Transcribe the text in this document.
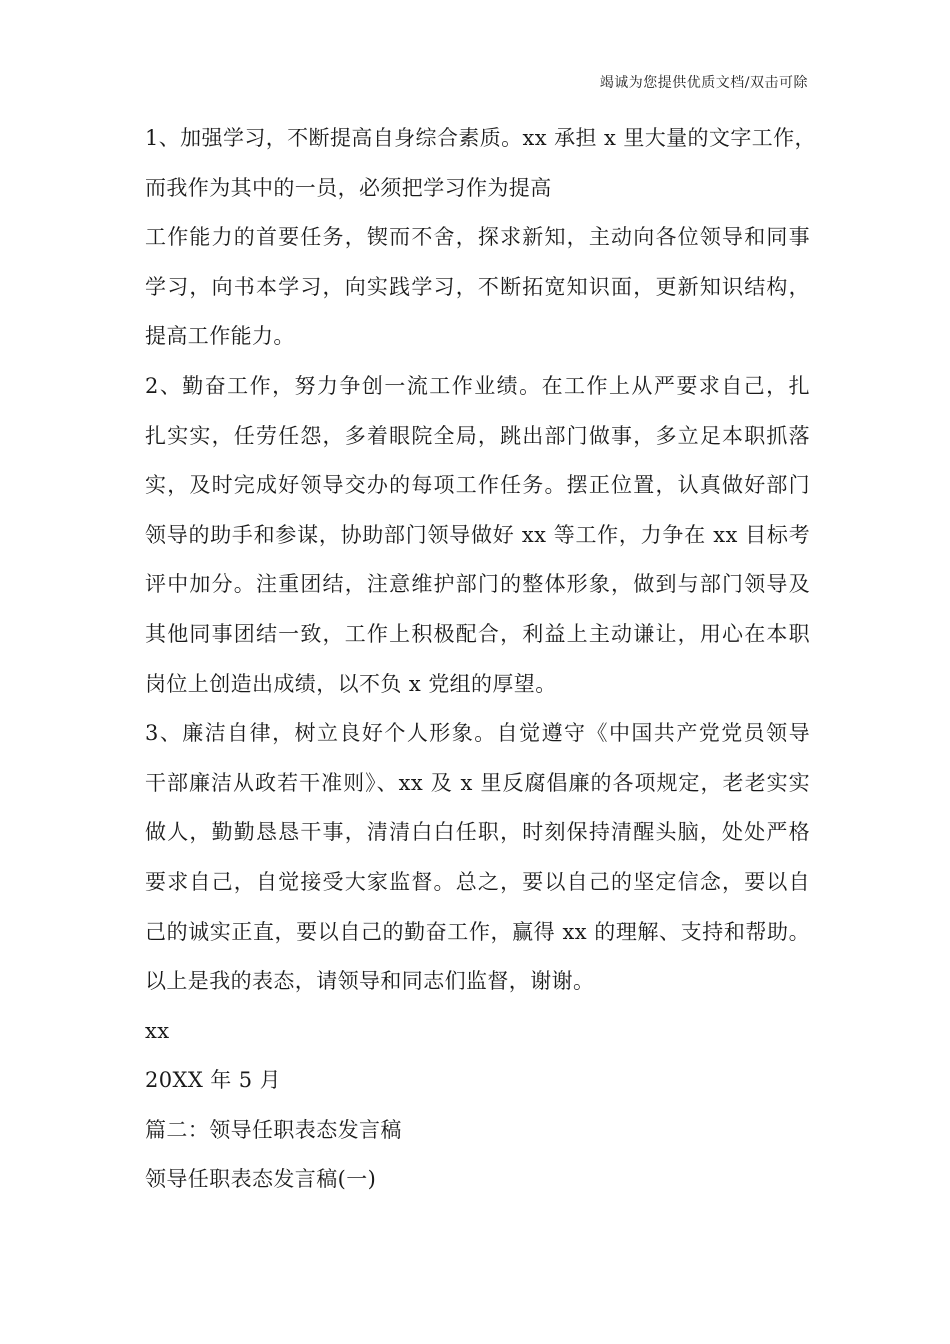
竭诚为您提供优质文档/双击可除
1、加强学习，不断提高自身综合素质。xx 承担 x 里大量的文字工作，
而我作为其中的一员，必须把学习作为提高
工作能力的首要任务，锲而不舍，探求新知，主动向各位领导和同事
学习，向书本学习，向实践学习，不断拓宽知识面，更新知识结构，
提高工作能力。
2、勤奋工作，努力争创一流工作业绩。在工作上从严要求自己，扎
扎实实，任劳任怨，多着眼院全局，跳出部门做事，多立足本职抓落
实，及时完成好领导交办的每项工作任务。摆正位置，认真做好部门
领导的助手和参谋，协助部门领导做好 xx 等工作，力争在 xx 目标考
评中加分。注重团结，注意维护部门的整体形象，做到与部门领导及
其他同事团结一致，工作上积极配合，利益上主动谦让，用心在本职
岗位上创造出成绩，以不负 x 党组的厚望。
3、廉洁自律，树立良好个人形象。自觉遵守《中国共产党党员领导
干部廉洁从政若干准则》、xx 及 x 里反腐倡廉的各项规定，老老实实
做人，勤勤恳恳干事，清清白白任职，时刻保持清醒头脑，处处严格
要求自己，自觉接受大家监督。总之，要以自己的坚定信念，要以自
己的诚实正直，要以自己的勤奋工作，赢得 xx 的理解、支持和帮助。
以上是我的表态，请领导和同志们监督，谢谢。
xx
20XX 年 5 月
篇二：领导任职表态发言稿
领导任职表态发言稿(一)
